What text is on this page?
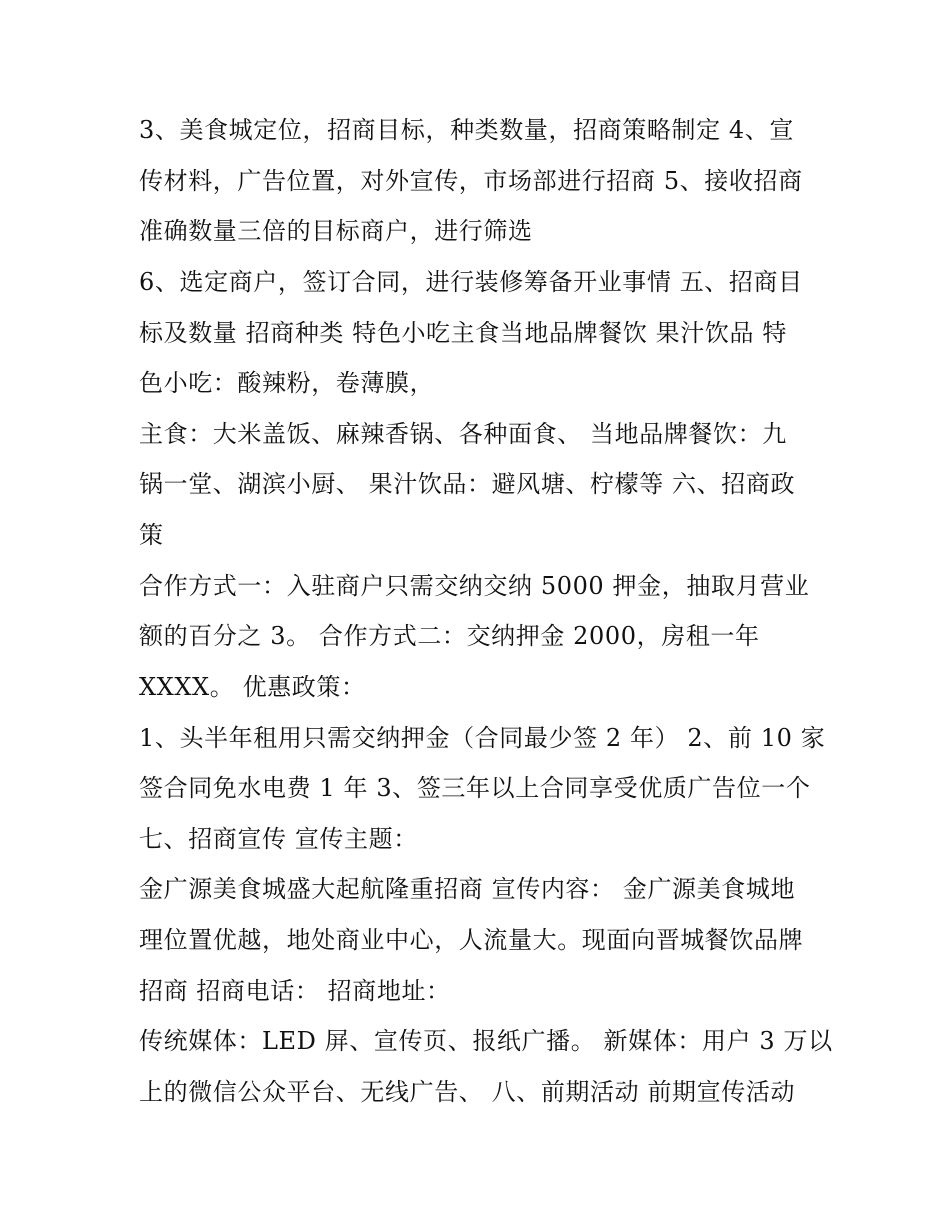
3、美食城定位，招商目标，种类数量，招商策略制定 4、宣
传材料，广告位置，对外宣传，市场部进行招商 5、接收招商
准确数量三倍的目标商户，进行筛选
6、选定商户，签订合同，进行装修筹备开业事情 五、招商目
标及数量 招商种类 特色小吃主食当地品牌餐饮 果汁饮品 特
色小吃：酸辣粉，卷薄膜，
主食：大米盖饭、麻辣香锅、各种面食、 当地品牌餐饮：九
锅一堂、湖滨小厨、 果汁饮品：避风塘、柠檬等 六、招商政
策
合作方式一：入驻商户只需交纳交纳 5000 押金，抽取月营业
额的百分之 3。 合作方式二：交纳押金 2000，房租一年
XXXX。 优惠政策：
1、头半年租用只需交纳押金（合同最少签 2 年） 2、前 10 家
签合同免水电费 1 年 3、签三年以上合同享受优质广告位一个
七、招商宣传 宣传主题：
金广源美食城盛大起航隆重招商 宣传内容： 金广源美食城地
理位置优越，地处商业中心，人流量大。现面向晋城餐饮品牌
招商 招商电话： 招商地址：
传统媒体：LED 屏、宣传页、报纸广播。 新媒体：用户 3 万以
上的微信公众平台、无线广告、 八、前期活动 前期宣传活动
